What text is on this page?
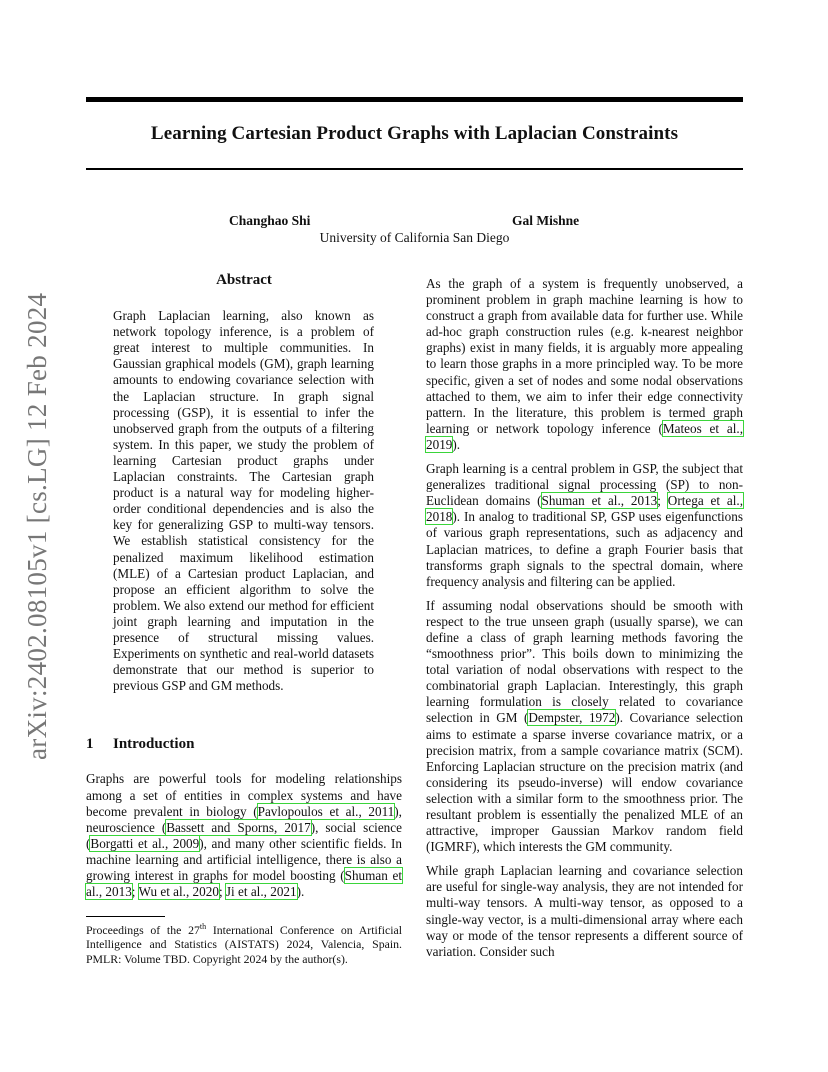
Learning Cartesian Product Graphs with Laplacian Constraints
Changhao Shi	Gal Mishne
University of California San Diego
arXiv:2402.08105v1 [cs.LG] 12 Feb 2024
Abstract
Graph Laplacian learning, also known as network topology inference, is a problem of great interest to multiple communities. In Gaussian graphical models (GM), graph learning amounts to endowing covariance selection with the Laplacian structure. In graph signal processing (GSP), it is essential to infer the unobserved graph from the outputs of a filtering system. In this paper, we study the problem of learning Cartesian product graphs under Laplacian constraints. The Cartesian graph product is a natural way for modeling higher-order conditional dependencies and is also the key for generalizing GSP to multi-way tensors. We establish statistical consistency for the penalized maximum likelihood estimation (MLE) of a Cartesian product Laplacian, and propose an efficient algorithm to solve the problem. We also extend our method for efficient joint graph learning and imputation in the presence of structural missing values. Experiments on synthetic and real-world datasets demonstrate that our method is superior to previous GSP and GM methods.
1 Introduction

Graphs are powerful tools for modeling relationships among a set of entities in complex systems and have become prevalent in biology (Pavlopoulos et al., 2011), neuroscience (Bassett and Sporns, 2017), social science (Borgatti et al., 2009), and many other scientific fields. In machine learning and artificial intelligence, there is also a growing interest in graphs for model boosting (Shuman et al., 2013; Wu et al., 2020; Ji et al., 2021).

Proceedings of the 27th International Conference on Artificial Intelligence and Statistics (AISTATS) 2024, Valencia, Spain. PMLR: Volume TBD. Copyright 2024 by the author(s).

As the graph of a system is frequently unobserved, a prominent problem in graph machine learning is how to construct a graph from available data for further use. While ad-hoc graph construction rules (e.g. k-nearest neighbor graphs) exist in many fields, it is arguably more appealing to learn those graphs in a more principled way. To be more specific, given a set of nodes and some nodal observations attached to them, we aim to infer their edge connectivity pattern. In the literature, this problem is termed graph learning or network topology inference (Mateos et al., 2019).

Graph learning is a central problem in GSP, the subject that generalizes traditional signal processing (SP) to non-Euclidean domains (Shuman et al., 2013; Ortega et al., 2018). In analog to traditional SP, GSP uses eigenfunctions of various graph representations, such as adjacency and Laplacian matrices, to define a graph Fourier basis that transforms graph signals to the spectral domain, where frequency analysis and filtering can be applied.

If assuming nodal observations should be smooth with respect to the true unseen graph (usually sparse), we can define a class of graph learning methods favoring the “smoothness prior”. This boils down to minimizing the total variation of nodal observations with respect to the combinatorial graph Laplacian. Interestingly, this graph learning formulation is closely related to covariance selection in GM (Dempster, 1972). Covariance selection aims to estimate a sparse inverse covariance matrix, or a precision matrix, from a sample covariance matrix (SCM). Enforcing Laplacian structure on the precision matrix (and considering its pseudo-inverse) will endow covariance selection with a similar form to the smoothness prior. The resultant problem is essentially the penalized MLE of an attractive, improper Gaussian Markov random field (IGMRF), which interests the GM community.

While graph Laplacian learning and covariance selection are useful for single-way analysis, they are not intended for multi-way tensors. A multi-way tensor, as opposed to a single-way vector, is a multi-dimensional array where each way or mode of the tensor represents a different source of variation. Consider such
